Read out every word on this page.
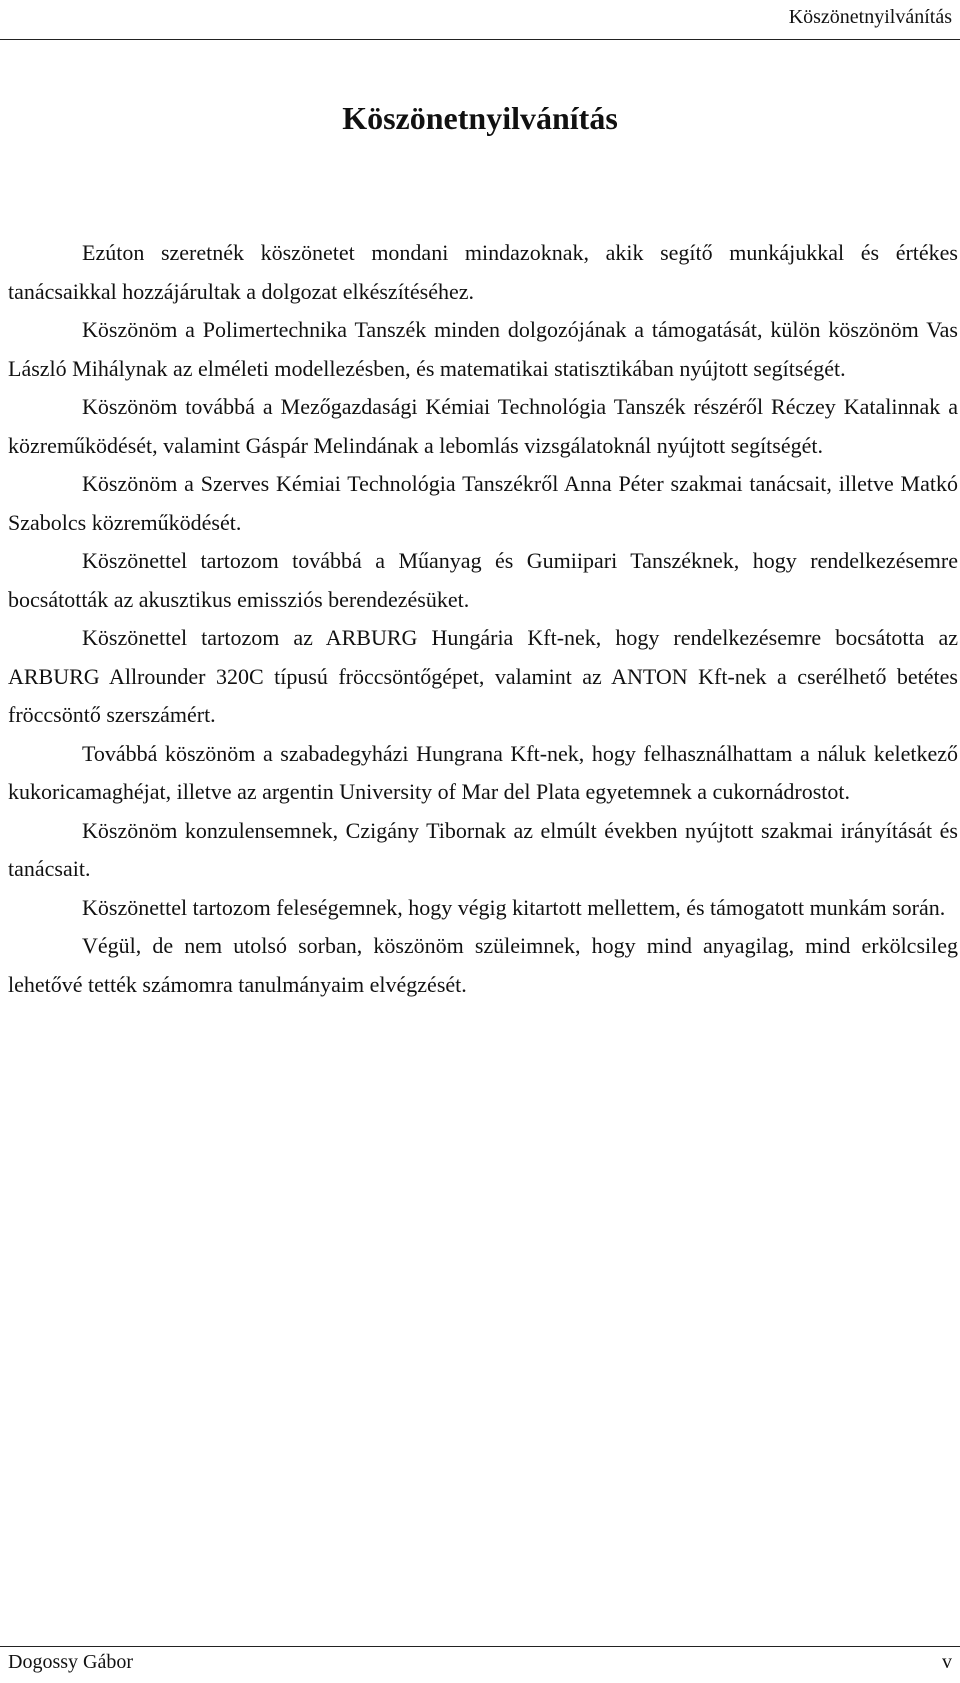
Köszönetnyilvánítás
Köszönetnyilvánítás

Ezúton szeretnék köszönetet mondani mindazoknak, akik segítő munkájukkal és értékes tanácsaikkal hozzájárultak a dolgozat elkészítéséhez.

Köszönöm a Polimertechnika Tanszék minden dolgozójának a támogatását, külön köszönöm Vas László Mihálynak az elméleti modellezésben, és matematikai statisztikában nyújtott segítségét.

Köszönöm továbbá a Mezőgazdasági Kémiai Technológia Tanszék részéről Réczey Katalinnak a közreműködését, valamint Gáspár Melindának a lebomlás vizsgálatoknál nyújtott segítségét.

Köszönöm a Szerves Kémiai Technológia Tanszékről Anna Péter szakmai tanácsait, illetve Matkó Szabolcs közreműködését.

Köszönettel tartozom továbbá a Műanyag és Gumiipari Tanszéknek, hogy rendelkezésemre bocsátották az akusztikus emissziós berendezésüket.

Köszönettel tartozom az ARBURG Hungária Kft-nek, hogy rendelkezésemre bocsátotta az ARBURG Allrounder 320C típusú fröccsöntőgépet, valamint az ANTON Kft-nek a cserélhető betétes fröccsöntő szerszámért.

Továbbá köszönöm a szabadegyházi Hungrana Kft-nek, hogy felhasználhattam a náluk keletkező kukoricamaghéjat, illetve az argentin University of Mar del Plata egyetemnek a cukornádrostot.

Köszönöm konzulensemnek, Czigány Tibornak az elmúlt években nyújtott szakmai irányítását és tanácsait.

Köszönettel tartozom feleségemnek, hogy végig kitartott mellettem, és támogatott munkám során.

Végül, de nem utolsó sorban, köszönöm szüleimnek, hogy mind anyagilag, mind erkölcsileg lehetővé tették számomra tanulmányaim elvégzését.

Dogossy Gábor	v
